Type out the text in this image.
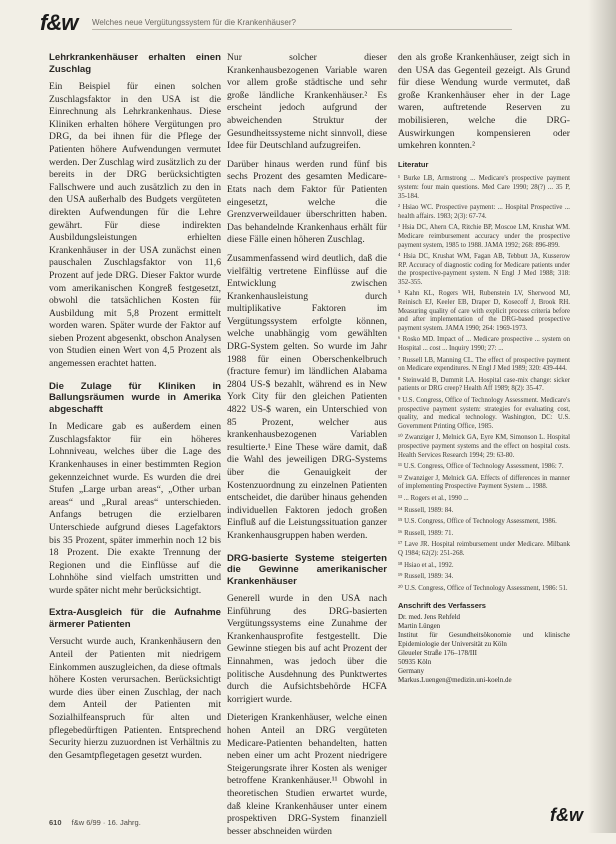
f&w	Welches neue Vergütungssystem für die Krankenhäuser?
Lehrkrankenhäuser erhalten einen Zuschlag

Ein Beispiel für einen solchen Zuschlagsfaktor in den USA ist die Einrechnung als Lehrkrankenhaus. Diese Kliniken erhalten höhere Vergütungen pro DRG, da bei ihnen für die Pflege der Patienten höhere Aufwendungen vermutet werden. Der Zuschlag wird zusätzlich zu der bereits in der DRG berücksichtigten Fallschwere und auch zusätzlich zu den in den USA außerhalb des Budgets vergüteten direkten Aufwendungen für die Lehre gewährt. Für diese indirekten Ausbildungsleistungen erhielten Krankenhäuser in der USA zunächst einen pauschalen Zuschlagsfaktor von 11,6 Prozent auf jede DRG. Dieser Faktor wurde vom amerikanischen Kongreß festgesetzt, obwohl die tatsächlichen Kosten für Ausbildung mit 5,8 Prozent ermittelt worden waren. Später wurde der Faktor auf sieben Prozent abgesenkt, obschon Analysen von Studien einen Wert von 4,5 Prozent als angemessen erachtet hatten.

Die Zulage für Kliniken in Ballungsräumen wurde in Amerika abgeschafft

In Medicare gab es außerdem einen Zuschlagsfaktor für ein höheres Lohnniveau, welches über die Lage des Krankenhauses in einer bestimmten Region gekennzeichnet wurde. Es wurden die drei Stufen „Large urban areas“, „Other urban areas“ und „Rural areas“ unterschieden. Anfangs betrugen die erzielbaren Unterschiede aufgrund dieses Lagefaktors bis 35 Prozent, später immerhin noch 12 bis 18 Prozent. Die exakte Trennung der Regionen und die Einflüsse auf die Lohnhöhe sind vielfach umstritten und wurde später nicht mehr berücksichtigt.

Extra-Ausgleich für die Aufnahme ärmerer Patienten

Versucht wurde auch, Krankenhäusern den Anteil der Patienten mit niedrigem Einkommen auszugleichen, da diese oftmals höhere Kosten verursachen. Berücksichtigt wurde dies über einen Zuschlag, der nach dem Anteil der Patienten mit Sozialhilfeanspruch für alten und pflegebedürftigen Patienten. Entsprechend Security hierzu zuzuordnen ist Verhältnis zu den Gesamtpflegetagen gesetzt wurden.

Nur solcher dieser Krankenhausbezogenen Variable waren vor allem große städtische und sehr große ländliche Krankenhäuser.² Es erscheint jedoch aufgrund der abweichenden Struktur der Gesundheitssysteme nicht sinnvoll, diese Idee für Deutschland aufzugreifen.

Darüber hinaus werden rund fünf bis sechs Prozent des gesamten Medicare-Etats nach dem Faktor für Patienten eingesetzt, welche die Grenzverweildauer überschritten haben. Das behandelnde Krankenhaus erhält für diese Fälle einen höheren Zuschlag.

Zusammenfassend wird deutlich, daß die vielfältig vertretene Einflüsse auf die Entwicklung zwischen Krankenhausleistung durch multiplikative Faktoren im Vergütungssystem erfolgte können, welche unabhängig vom gewählten DRG-System gelten. So wurde im Jahr 1988 für einen Oberschenkelbruch (fracture femur) im ländlichen Alabama 2804 US-$ bezahlt, während es in New York City für den gleichen Patienten 4822 US-$ waren, ein Unterschied von 85 Prozent, welcher aus krankenhausbezogenen Variablen resultierte.¹ Eine These wäre damit, daß die Wahl des jeweiligen DRG-Systems über die Genauigkeit der Kostenzuordnung zu einzelnen Patienten entscheidet, die darüber hinaus gehenden individuellen Faktoren jedoch großen Einfluß auf die Leistungssituation ganzer Krankenhausgruppen haben werden.

DRG-basierte Systeme steigerten die Gewinne amerikanischer Krankenhäuser

Generell wurde in den USA nach Einführung des DRG-basierten Vergütungssystems eine Zunahme der Krankenhausprofite festgestellt. Die Gewinne stiegen bis auf acht Prozent der Einnahmen, was jedoch über die politische Ausdehnung des Punktwertes durch die Aufsichtsbehörde HCFA korrigiert wurde.

Dieterigen Krankenhäuser, welche einen hohen Anteil an DRG vergüteten Medicare-Patienten behandelten, hatten neben einer um acht Prozent niedrigere Steigerungsrate ihrer Kosten als weniger betroffene Krankenhäuser.¹¹ Obwohl in theoretischen Studien erwartet wurde, daß kleine Krankenhäuser unter einem prospektiven DRG-System finanziell besser abschneiden würden

den als große Krankenhäuser, zeigt sich in den USA das Gegenteil gezeigt. Als Grund für diese Wendung wurde vermutet, daß große Krankenhäuser eher in der Lage waren, auftretende Reserven zu mobilisieren, welche die DRG-Auswirkungen kompensieren oder umkehren konnten.²

Literatur
¹ Burke LB, Armstrong ... Medicare's prospective payment system: four main questions. Med Care 1990; 28(?) ... 35 P, 35-184.
² Hsiao WC. Prospective payment: ... Hospital Prospective ... health affairs. 1983; 2(3): 67-74.
³ Hsia DC, Ahern CA, Ritchie BP, Moscoe LM, Krushat WM. Medicare reimbursement accuracy under the prospective payment system, 1985 to 1988. JAMA 1992; 268: 896-899.
⁴ Hsia DC, Krushat WM, Fagan AB, Tebbutt JA, Kusserow RP. Accuracy of diagnostic coding for Medicare patients under the prospective-payment system. N Engl J Med 1988; 318: 352-355.
⁵ Kahn KL, Rogers WH, Rubenstein LV, Sherwood MJ, Reinisch EJ, Keeler EB, Draper D, Kosecoff J, Brook RH. Measuring quality of care with explicit process criteria before and after implementation of the DRG-based prospective payment system. JAMA 1990; 264: 1969-1973.
⁶ Rosko MD. Impact of ... Medicare prospective ... system on Hospital ... cost ... Inquiry 1990; 27: ...
⁷ Russell LB, Manning CL. The effect of prospective payment on Medicare expenditures. N Engl J Med 1989; 320: 439-444.
⁸ Steinwald B, Dummit LA. Hospital case-mix change: sicker patients or DRG creep? Health Aff 1989; 8(2): 35-47.
⁹ U.S. Congress, Office of Technology Assessment. Medicare's prospective payment system: strategies for evaluating cost, quality, and medical technology. Washington, DC: U.S. Government Printing Office, 1985.
¹⁰ Zwanziger J, Melnick GA, Eyre KM, Simonson L. Hospital prospective payment systems and the effect on hospital costs. Health Services Research 1994; 29: 63-80.
¹¹ U.S. Congress, Office of Technology Assessment, 1986: 7.
¹² Zwanziger J, Melnick GA. Effects of differences in manner of implementing Prospective Payment System ... 1988.
¹³ ... Rogers et al., 1990 ...
¹⁴ Russell, 1989: 84.
¹⁵ U.S. Congress, Office of Technology Assessment, 1986.
¹⁶ Russell, 1989: 71.
¹⁷ Lave JR. Hospital reimbursement under Medicare. Milbank Q 1984; 62(2): 251-268.
¹⁸ Hsiao et al., 1992.
¹⁹ Russell, 1989: 34.
²⁰ U.S. Congress, Office of Technology Assessment, 1986: 51.
Anschrift des Verfassers
Dr. med. Jens Rehfeld
Martin Lüngen
Institut für Gesundheitsökonomie und klinische Epidemiologie der Universität zu Köln
Gleueler Straße 176–178/III
50935 Köln
Germany
Markus.Luengen@medizin.uni-koeln.de
610 f&w 6/99 · 16. Jahrg.	f&w
